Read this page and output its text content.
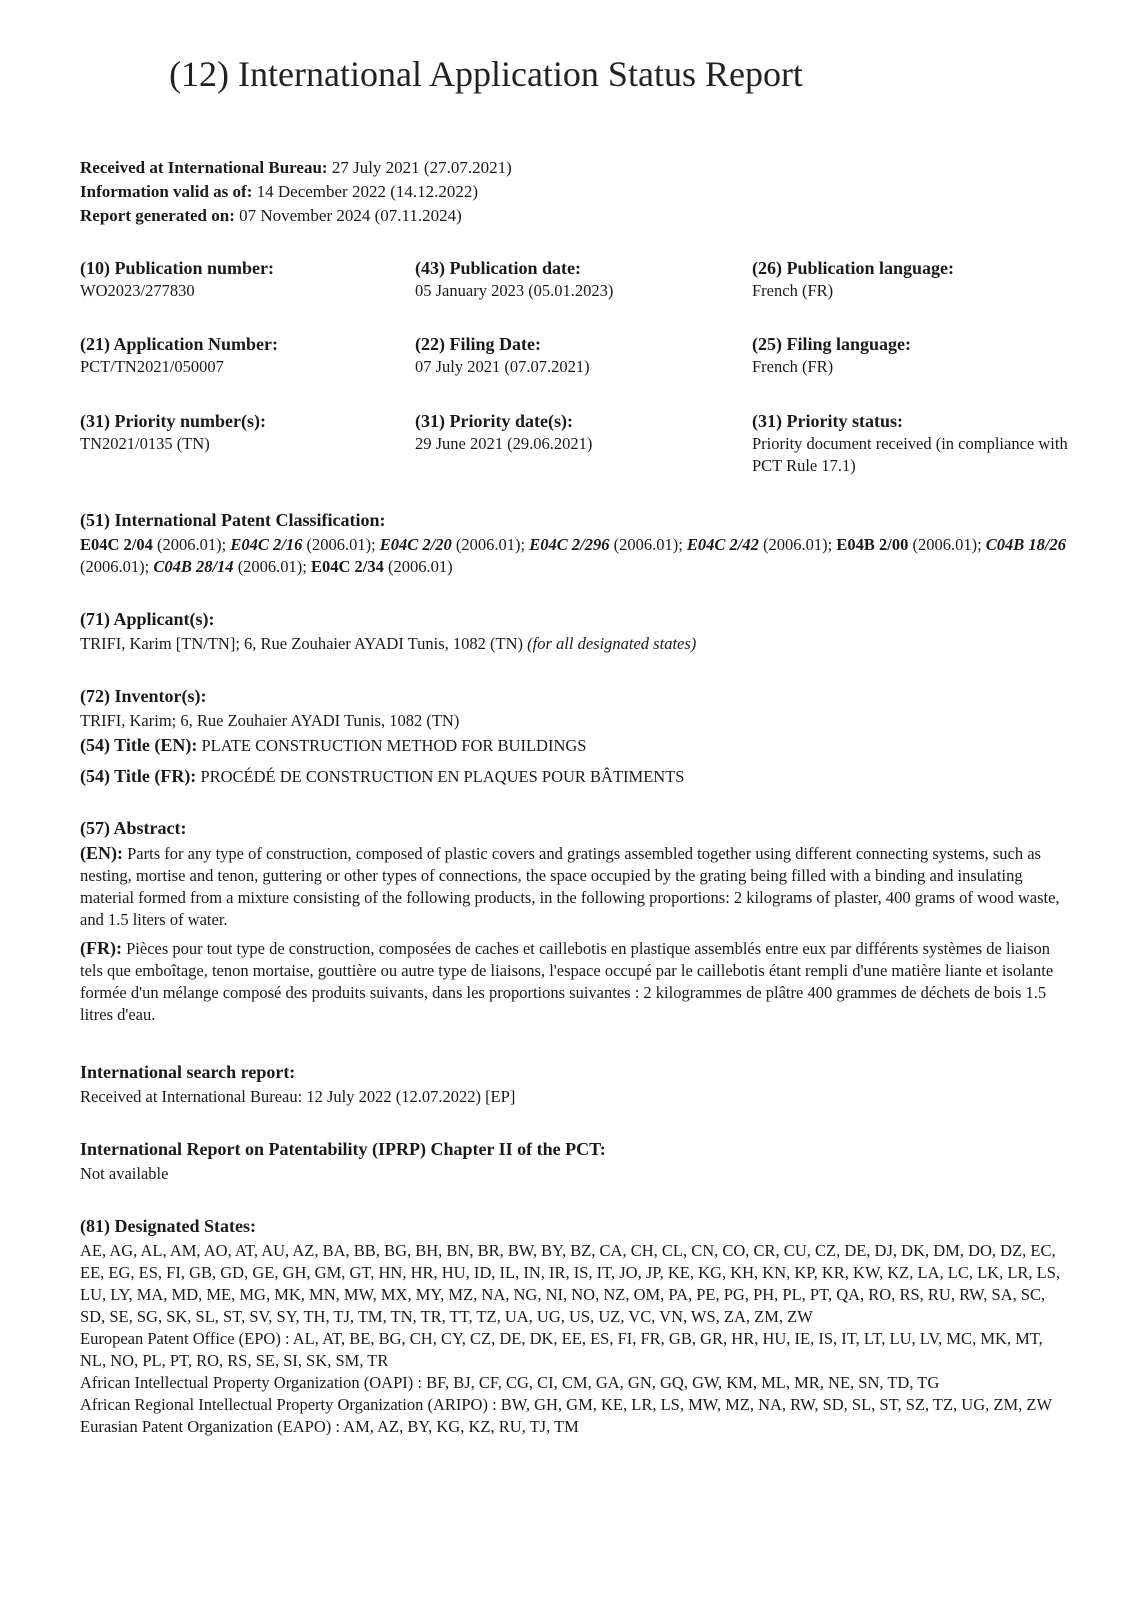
(12) International Application Status Report
Received at International Bureau: 27 July 2021 (27.07.2021)
Information valid as of: 14 December 2022 (14.12.2022)
Report generated on: 07 November 2024 (07.11.2024)
(10) Publication number:
WO2023/277830
(43) Publication date:
05 January 2023 (05.01.2023)
(26) Publication language:
French (FR)
(21) Application Number:
PCT/TN2021/050007
(22) Filing Date:
07 July 2021 (07.07.2021)
(25) Filing language:
French (FR)
(31) Priority number(s):
TN2021/0135 (TN)
(31) Priority date(s):
29 June 2021 (29.06.2021)
(31) Priority status:
Priority document received (in compliance with PCT Rule 17.1)
(51) International Patent Classification:
E04C 2/04 (2006.01); E04C 2/16 (2006.01); E04C 2/20 (2006.01); E04C 2/296 (2006.01); E04C 2/42 (2006.01); E04B 2/00 (2006.01); C04B 18/26 (2006.01); C04B 28/14 (2006.01); E04C 2/34 (2006.01)
(71) Applicant(s):

TRIFI, Karim [TN/TN]; 6, Rue Zouhaier AYADI Tunis, 1082 (TN) (for all designated states)

(72) Inventor(s):

TRIFI, Karim; 6, Rue Zouhaier AYADI Tunis, 1082 (TN)

(54) Title (EN): PLATE CONSTRUCTION METHOD FOR BUILDINGS

(54) Title (FR): PROCÉDÉ DE CONSTRUCTION EN PLAQUES POUR BÂTIMENTS

(57) Abstract:

(EN): Parts for any type of construction, composed of plastic covers and gratings assembled together using different connecting systems, such as nesting, mortise and tenon, guttering or other types of connections, the space occupied by the grating being filled with a binding and insulating material formed from a mixture consisting of the following products, in the following proportions: 2 kilograms of plaster, 400 grams of wood waste, and 1.5 liters of water.

(FR): Pièces pour tout type de construction, composées de caches et caillebotis en plastique assemblés entre eux par différents systèmes de liaison tels que emboîtage, tenon mortaise, gouttière ou autre type de liaisons, l'espace occupé par le caillebotis étant rempli d'une matière liante et isolante formée d'un mélange composé des produits suivants, dans les proportions suivantes : 2 kilogrammes de plâtre 400 grammes de déchets de bois 1.5 litres d'eau.

International search report:

Received at International Bureau: 12 July 2022 (12.07.2022) [EP]

International Report on Patentability (IPRP) Chapter II of the PCT:

Not available

(81) Designated States:

AE, AG, AL, AM, AO, AT, AU, AZ, BA, BB, BG, BH, BN, BR, BW, BY, BZ, CA, CH, CL, CN, CO, CR, CU, CZ, DE, DJ, DK, DM, DO, DZ, EC, EE, EG, ES, FI, GB, GD, GE, GH, GM, GT, HN, HR, HU, ID, IL, IN, IR, IS, IT, JO, JP, KE, KG, KH, KN, KP, KR, KW, KZ, LA, LC, LK, LR, LS, LU, LY, MA, MD, ME, MG, MK, MN, MW, MX, MY, MZ, NA, NG, NI, NO, NZ, OM, PA, PE, PG, PH, PL, PT, QA, RO, RS, RU, RW, SA, SC, SD, SE, SG, SK, SL, ST, SV, SY, TH, TJ, TM, TN, TR, TT, TZ, UA, UG, US, UZ, VC, VN, WS, ZA, ZM, ZW

European Patent Office (EPO) : AL, AT, BE, BG, CH, CY, CZ, DE, DK, EE, ES, FI, FR, GB, GR, HR, HU, IE, IS, IT, LT, LU, LV, MC, MK, MT, NL, NO, PL, PT, RO, RS, SE, SI, SK, SM, TR

African Intellectual Property Organization (OAPI) : BF, BJ, CF, CG, CI, CM, GA, GN, GQ, GW, KM, ML, MR, NE, SN, TD, TG

African Regional Intellectual Property Organization (ARIPO) : BW, GH, GM, KE, LR, LS, MW, MZ, NA, RW, SD, SL, ST, SZ, TZ, UG, ZM, ZW

Eurasian Patent Organization (EAPO) : AM, AZ, BY, KG, KZ, RU, TJ, TM
